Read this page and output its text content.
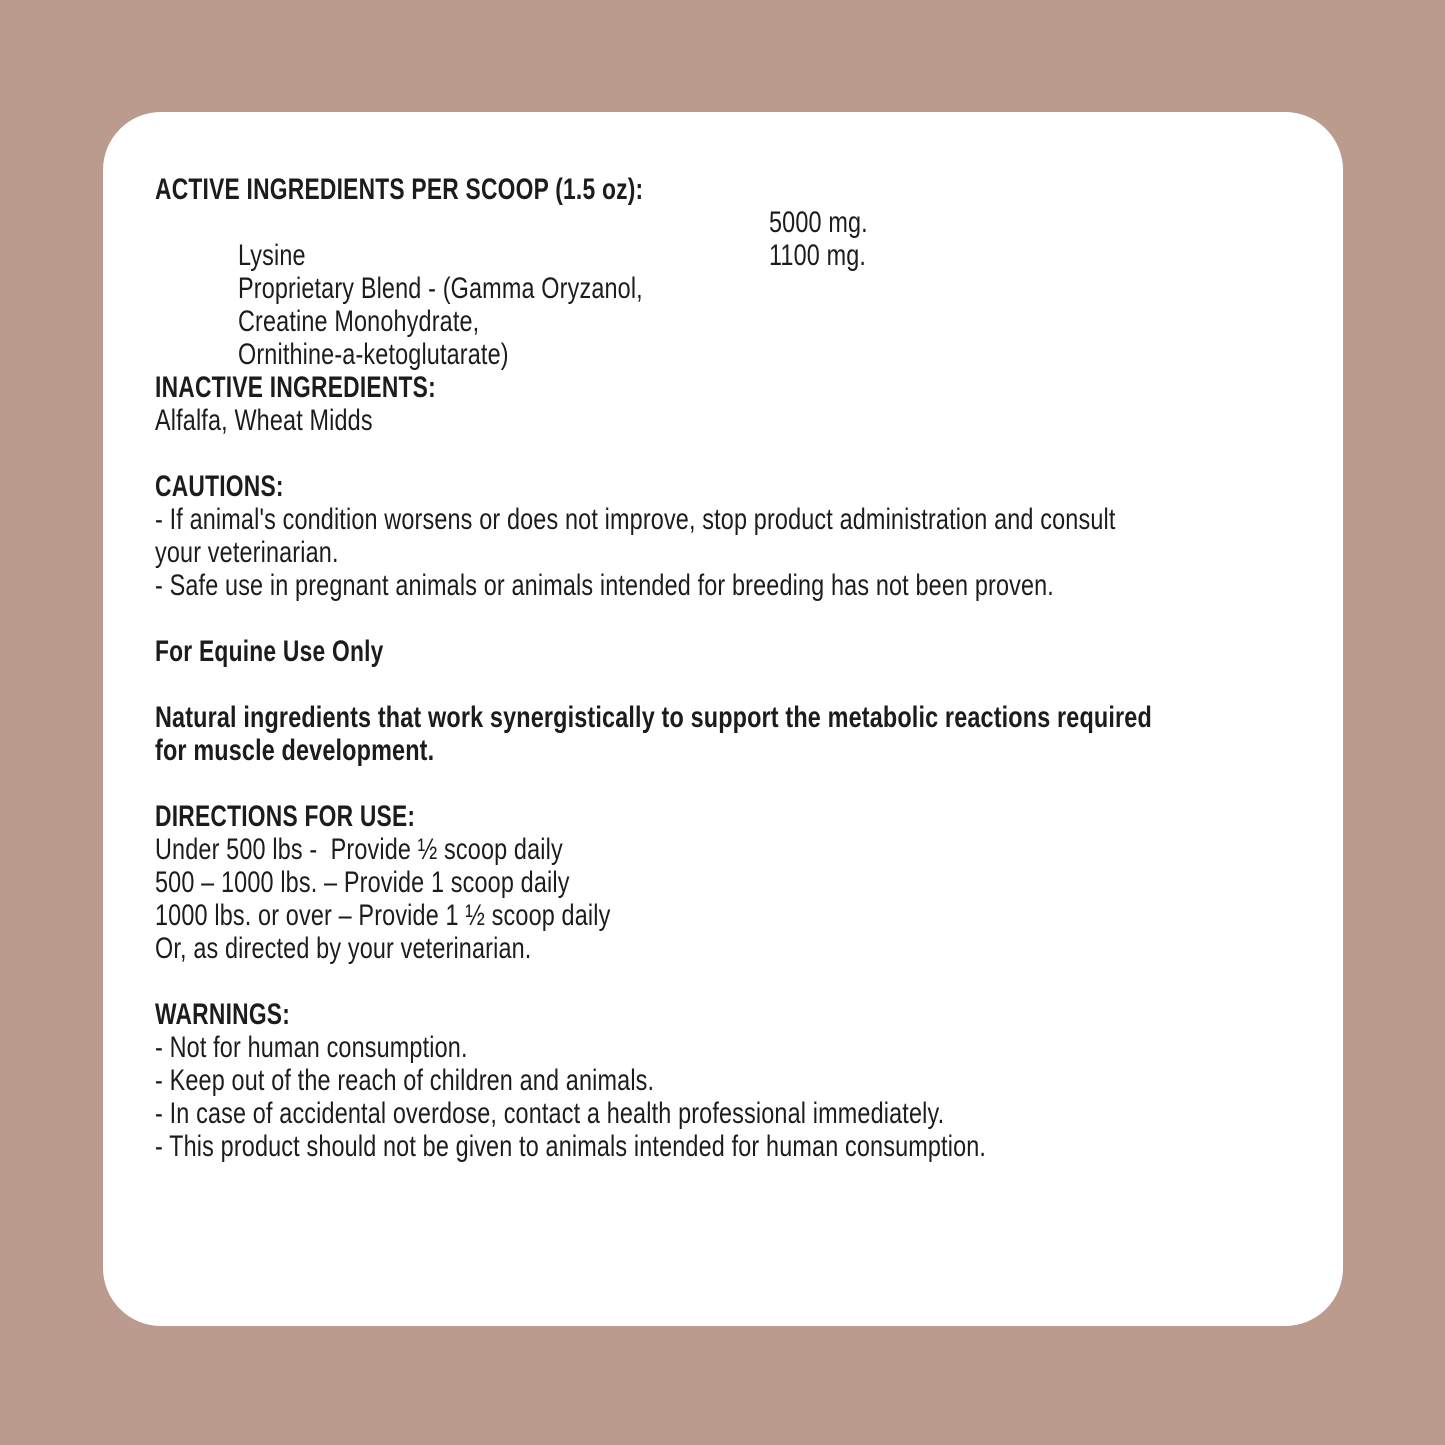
ACTIVE INGREDIENTS PER SCOOP (1.5 oz):

Lysine

5000 mg.

Proprietary Blend - (Gamma Oryzanol,

1100 mg.

Creatine Monohydrate,

Ornithine-a-ketoglutarate)

INACTIVE INGREDIENTS:
Alfalfa, Wheat Midds
CAUTIONS:
- If animal's condition worsens or does not improve, stop product administration and consult
your veterinarian.
- Safe use in pregnant animals or animals intended for breeding has not been proven.
For Equine Use Only
Natural ingredients that work synergistically to support the metabolic reactions required
for muscle development.
DIRECTIONS FOR USE:
Under 500 lbs -  Provide ½ scoop daily
500 – 1000 lbs. – Provide 1 scoop daily
1000 lbs. or over – Provide 1 ½ scoop daily
Or, as directed by your veterinarian.
WARNINGS:
- Not for human consumption.
- Keep out of the reach of children and animals.
- In case of accidental overdose, contact a health professional immediately.
- This product should not be given to animals intended for human consumption.
